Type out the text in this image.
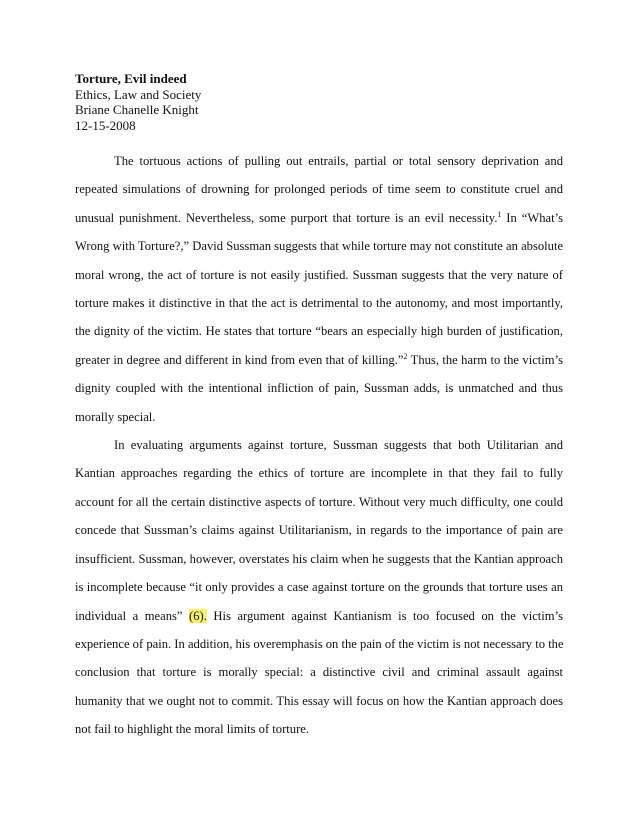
Torture, Evil indeed
Ethics, Law and Society
Briane Chanelle Knight
12-15-2008
The tortuous actions of pulling out entrails, partial or total sensory deprivation and
repeated simulations of drowning for prolonged periods of time seem to constitute cruel and
unusual punishment. Nevertheless, some purport that torture is an evil necessity.$^1$ In “What’s
Wrong with Torture?,” David Sussman suggests that while torture may not constitute an absolute
moral wrong, the act of torture is not easily justified. Sussman suggests that the very nature of
torture makes it distinctive in that the act is detrimental to the autonomy, and most importantly,
the dignity of the victim. He states that torture “bears an especially high burden of justification,
greater in degree and different in kind from even that of killing.”$^2$ Thus, the harm to the victim’s
dignity coupled with the intentional infliction of pain, Sussman adds, is unmatched and thus
morally special.
In evaluating arguments against torture, Sussman suggests that both Utilitarian and
Kantian approaches regarding the ethics of torture are incomplete in that they fail to fully
account for all the certain distinctive aspects of torture. Without very much difficulty, one could
concede that Sussman’s claims against Utilitarianism, in regards to the importance of pain are
insufficient. Sussman, however, overstates his claim when he suggests that the Kantian approach
is incomplete because “it only provides a case against torture on the grounds that torture uses an
individual a means” (6). His argument against Kantianism is too focused on the victim’s
experience of pain. In addition, his overemphasis on the pain of the victim is not necessary to the
conclusion that torture is morally special: a distinctive civil and criminal assault against
humanity that we ought not to commit. This essay will focus on how the Kantian approach does
not fail to highlight the moral limits of torture.
